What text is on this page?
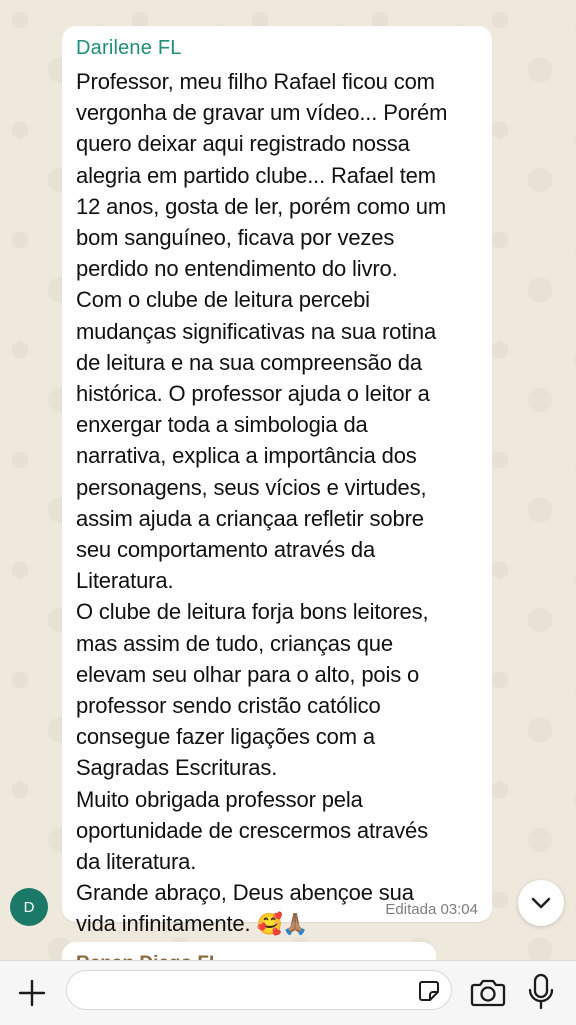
Darilene FL

Professor, meu filho Rafael ficou com
vergonha de gravar um vídeo... Porém
quero deixar aqui registrado nossa
alegria em partido clube... Rafael tem
12 anos, gosta de ler, porém como um
bom sanguíneo, ficava por vezes
perdido no entendimento do livro.
Com o clube de leitura percebi
mudanças significativas na sua rotina
de leitura e na sua compreensão da
histórica. O professor ajuda o leitor a
enxergar toda a simbologia da
narrativa, explica a importância dos
personagens, seus vícios e virtudes,
assim ajuda a criançaa refletir sobre
seu comportamento através da
Literatura.
O clube de leitura forja bons leitores,
mas assim de tudo, crianças que
elevam seu olhar para o alto, pois o
professor sendo cristão católico
consegue fazer ligações com a
Sagradas Escrituras.
Muito obrigada professor pela
oportunidade de crescermos através
da literatura.
Grande abraço, Deus abençoe sua
vida infinitamente. 🥰🙏🏽

Editada 03:04
D
